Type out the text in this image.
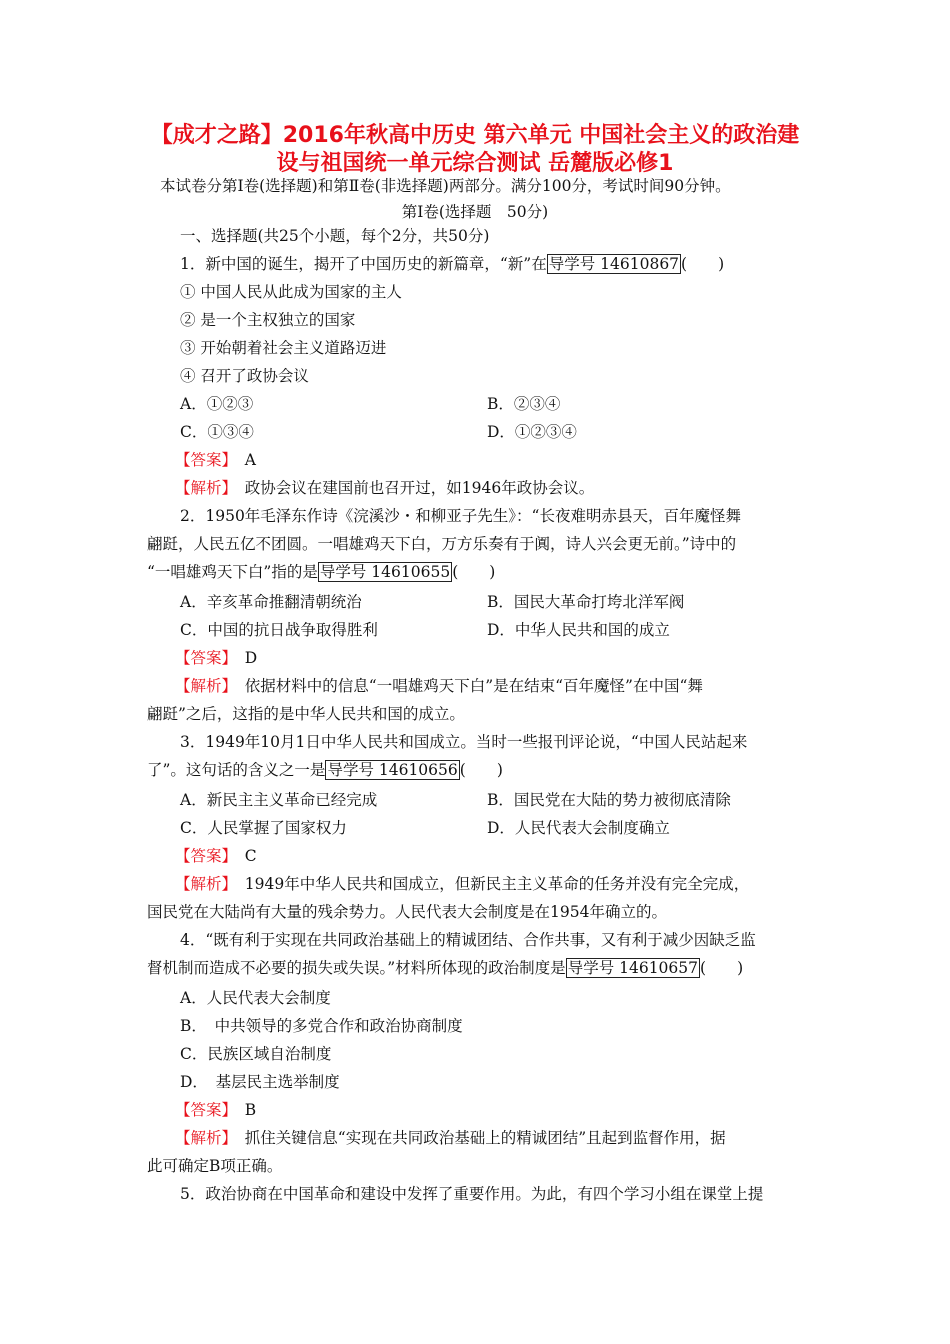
【成才之路】2016年秋高中历史 第六单元 中国社会主义的政治建
设与祖国统一单元综合测试 岳麓版必修1
本试卷分第Ⅰ卷(选择题)和第Ⅱ卷(非选择题)两部分。满分100分，考试时间90分钟。
第Ⅰ卷(选择题　50分)
一、选择题(共25个小题，每个2分，共50分)
1．新中国的诞生，揭开了中国历史的新篇章，“新”在 导学号 14610867 (　　)
① 中国人民从此成为国家的主人
② 是一个主权独立的国家
③ 开始朝着社会主义道路迈进
④ 召开了政协会议
A．①②③	B．②③④
C．①③④	D．①②③④
【答案】　 A
【解析】　 政协会议在建国前也召开过，如1946年政协会议。
2．1950年毛泽东作诗《浣溪沙・和柳亚子先生》：“长夜难明赤县天，百年魔怪舞
翩跹，人民五亿不团圆。一唱雄鸡天下白，万方乐奏有于阗，诗人兴会更无前。”诗中的
“一唱雄鸡天下白”指的是 导学号 14610655 (　　)
A．辛亥革命推翻清朝统治	B．国民大革命打垮北洋军阀
C．中国的抗日战争取得胜利	D．中华人民共和国的成立
【答案】　 D
【解析】　 依据材料中的信息“一唱雄鸡天下白”是在结束“百年魔怪”在中国“舞
翩跹”之后，这指的是中华人民共和国的成立。
3．1949年10月1日中华人民共和国成立。当时一些报刊评论说，“中国人民站起来
了”。这句话的含义之一是 导学号 14610656 (　　)
A．新民主主义革命已经完成	B．国民党在大陆的势力被彻底清除
C．人民掌握了国家权力	D．人民代表大会制度确立
【答案】　 C
【解析】　 1949年中华人民共和国成立，但新民主主义革命的任务并没有完全完成，
国民党在大陆尚有大量的残余势力。人民代表大会制度是在1954年确立的。
4．“既有利于实现在共同政治基础上的精诚团结、合作共事，又有利于减少因缺乏监
督机制而造成不必要的损失或失误。”材料所体现的政治制度是 导学号 14610657 (　　)
A．人民代表大会制度
B．　中共领导的多党合作和政治协商制度
C．民族区域自治制度
D．　基层民主选举制度
【答案】　 B
【解析】　 抓住关键信息“实现在共同政治基础上的精诚团结”且起到监督作用，据
此可确定B项正确。
5．政治协商在中国革命和建设中发挥了重要作用。为此，有四个学习小组在课堂上提
